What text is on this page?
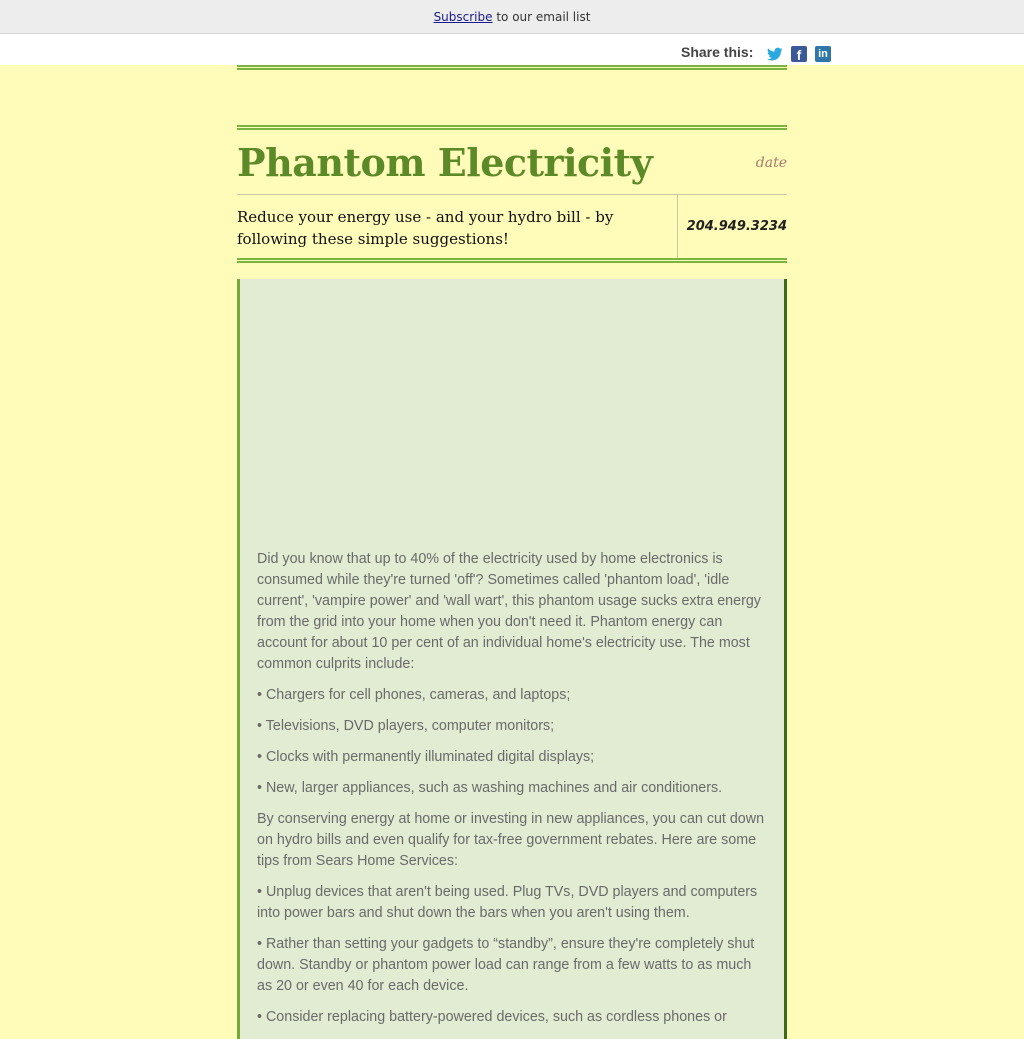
Subscribe to our email list
Share this:	f	in
Phantom Electricity	date

Reduce your energy use - and your hydro bill - by following these simple suggestions!

204.949.3234

Did you know that up to 40% of the electricity used by home electronics is consumed while they're turned 'off'? Sometimes called 'phantom load', 'idle current', 'vampire power' and 'wall wart', this phantom usage sucks extra energy from the grid into your home when you don't need it. Phantom energy can account for about 10 per cent of an individual home's electricity use. The most common culprits include:

• Chargers for cell phones, cameras, and laptops;

• Televisions, DVD players, computer monitors;

• Clocks with permanently illuminated digital displays;

• New, larger appliances, such as washing machines and air conditioners.

By conserving energy at home or investing in new appliances, you can cut down on hydro bills and even qualify for tax-free government rebates. Here are some tips from Sears Home Services:

• Unplug devices that aren't being used. Plug TVs, DVD players and computers into power bars and shut down the bars when you aren't using them.

• Rather than setting your gadgets to “standby”, ensure they're completely shut down. Standby or phantom power load can range from a few watts to as much as 20 or even 40 for each device.

• Consider replacing battery-powered devices, such as cordless phones or
